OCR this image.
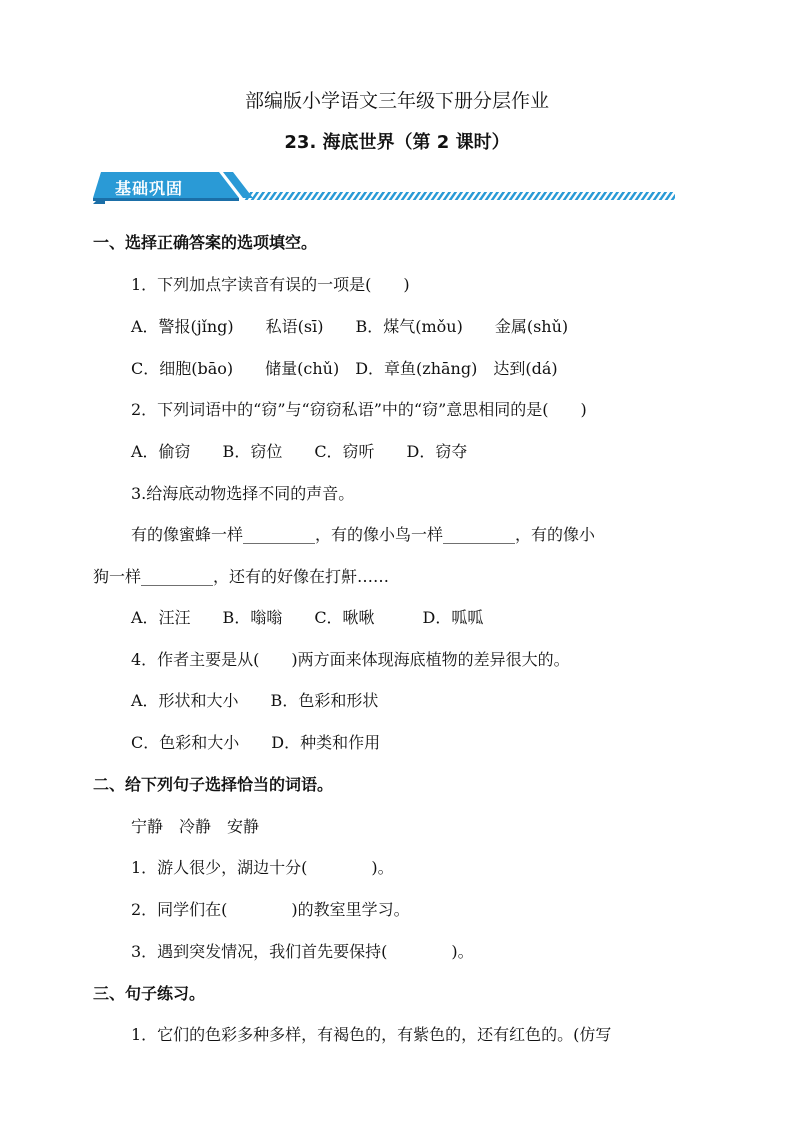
部编版小学语文三年级下册分层作业
23. 海底世界（第 2 课时）
基础巩固
一、选择正确答案的选项填空。
1．下列加点字读音有误的一项是(　　)
A．警报(jǐng)　　私语(sī)　　B．煤气(mǒu)　　金属(shǔ)
C．细胞(bāo)　　储量(chǔ)　D．章鱼(zhāng)　达到(dá)
2．下列词语中的“窃”与“窃窃私语”中的“窃”意思相同的是(　　)
A．偷窃　　B．窃位　　C．窃听　　D．窃夺
3.给海底动物选择不同的声音。
有的像蜜蜂一样_________，有的像小鸟一样_________，有的像小
狗一样_________，还有的好像在打鼾……
A．汪汪　　B．嗡嗡　　C．啾啾　　　D．呱呱
4．作者主要是从(　　)两方面来体现海底植物的差异很大的。
A．形状和大小　　B．色彩和形状
C．色彩和大小　　D．种类和作用
二、给下列句子选择恰当的词语。
宁静　冷静　安静
1．游人很少，湖边十分(　　　　)。
2．同学们在(　　　　)的教室里学习。
3．遇到突发情况，我们首先要保持(　　　　)。
三、句子练习。
1．它们的色彩多种多样，有褐色的，有紫色的，还有红色的。(仿写
